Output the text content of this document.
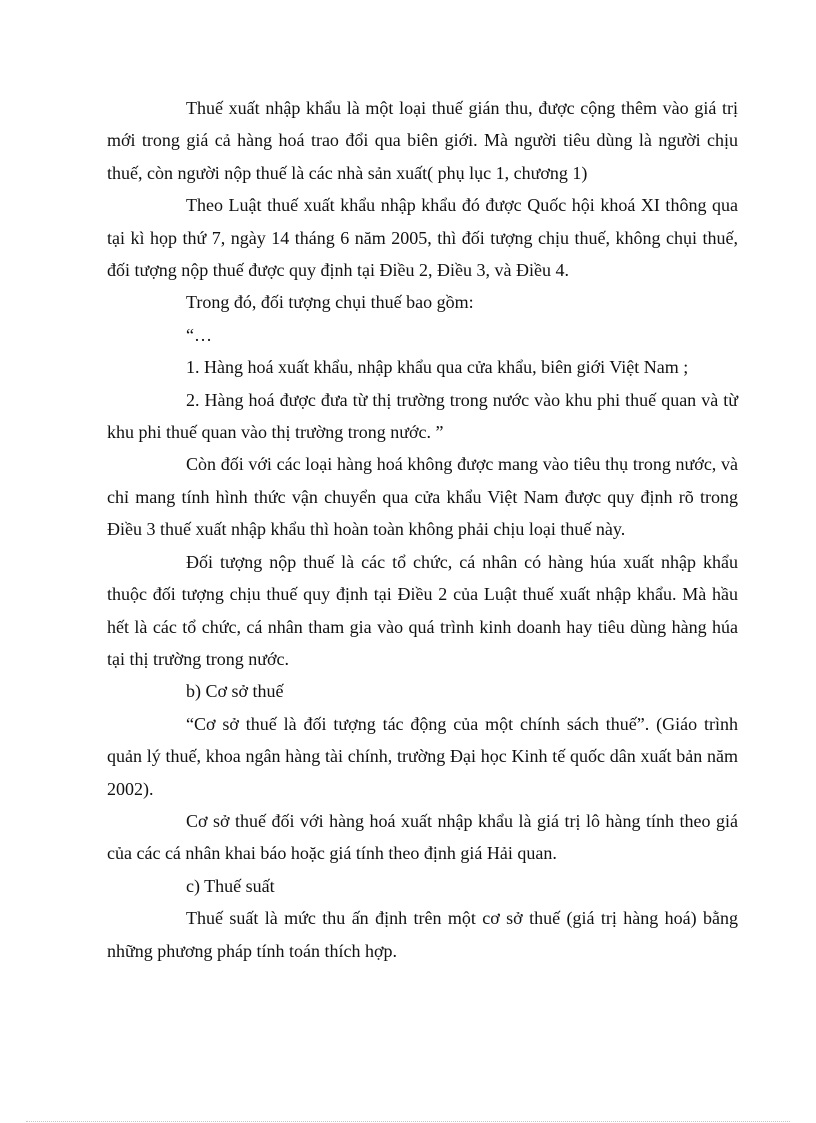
Thuế xuất nhập khẩu là một loại thuế gián thu, được cộng thêm vào giá trị mới trong giá cả hàng hoá trao đổi qua biên giới. Mà người tiêu dùng là người chịu thuế, còn người nộp thuế là các nhà sản xuất( phụ lục 1, chương 1)

Theo Luật thuế xuất khẩu nhập khẩu đó được Quốc hội khoá XI thông qua tại kì họp thứ 7, ngày 14 tháng 6 năm 2005, thì đối tượng chịu thuế, không chụi thuế, đối tượng nộp thuế được quy định tại Điều 2, Điều 3, và Điều 4.

Trong đó, đối tượng chụi thuế bao gồm:

“…

1. Hàng hoá xuất khẩu, nhập khẩu qua cửa khẩu, biên giới Việt Nam ;

2. Hàng hoá được đưa từ thị trường trong nước vào khu phi thuế quan và từ khu phi thuế quan vào thị trường trong nước. ”

Còn đối với các loại hàng hoá không được mang vào tiêu thụ trong nước, và chỉ mang tính hình thức vận chuyển qua cửa khẩu Việt Nam được quy định rõ trong Điều 3 thuế xuất nhập khẩu thì hoàn toàn không phải chịu loại thuế này.

Đối tượng nộp thuế là các tổ chức, cá nhân có hàng húa xuất nhập khẩu thuộc đối tượng chịu thuế quy định tại Điều 2 của Luật thuế xuất nhập khẩu. Mà hầu hết là các tổ chức, cá nhân tham gia vào quá trình kinh doanh hay tiêu dùng hàng húa tại thị trường trong nước.

b) Cơ sở thuế

“Cơ sở thuế là đối tượng tác động của một chính sách thuế”. (Giáo trình quản lý thuế, khoa ngân hàng tài chính, trường Đại học Kinh tế quốc dân xuất bản năm 2002).

Cơ sở thuế đối với hàng hoá xuất nhập khẩu là giá trị lô hàng tính theo giá của các cá nhân khai báo hoặc giá tính theo định giá Hải quan.

c) Thuế suất

Thuế suất là mức thu ấn định trên một cơ sở thuế (giá trị hàng hoá) bằng những phương pháp tính toán thích hợp.
